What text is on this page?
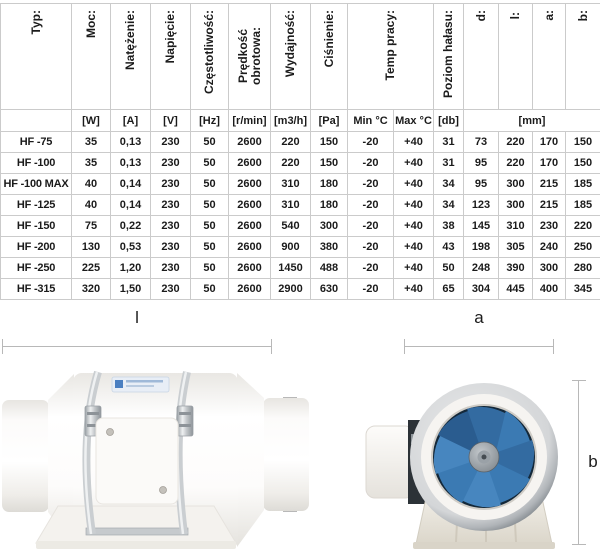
Typ:	Moc:	Natężenie:	Napięcie:	Częstotliwość:	Prędkość obrotowa:	Wydajność:	Ciśnienie:	Temp pracy:		Poziom hałasu:	d:	l:	a:	b:
	[W]	[A]	[V]	[Hz]	[r/min]	[m3/h]	[Pa]	Min °C	Max °C	[db]	[mm]			
HF -75	35	0,13	230	50	2600	220	150	-20	+40	31	73	220	170	150
HF -100	35	0,13	230	50	2600	220	150	-20	+40	31	95	220	170	150
HF -100 MAX	40	0,14	230	50	2600	310	180	-20	+40	34	95	300	215	185
HF -125	40	0,14	230	50	2600	310	180	-20	+40	34	123	300	215	185
HF -150	75	0,22	230	50	2600	540	300	-20	+40	38	145	310	230	220
HF -200	130	0,53	230	50	2600	900	380	-20	+40	43	198	305	240	250
HF -250	225	1,20	230	50	2600	1450	488	-20	+40	50	248	390	300	280
HF -315	320	1,50	230	50	2600	2900	630	-20	+40	65	304	445	400	345
l	a
b
